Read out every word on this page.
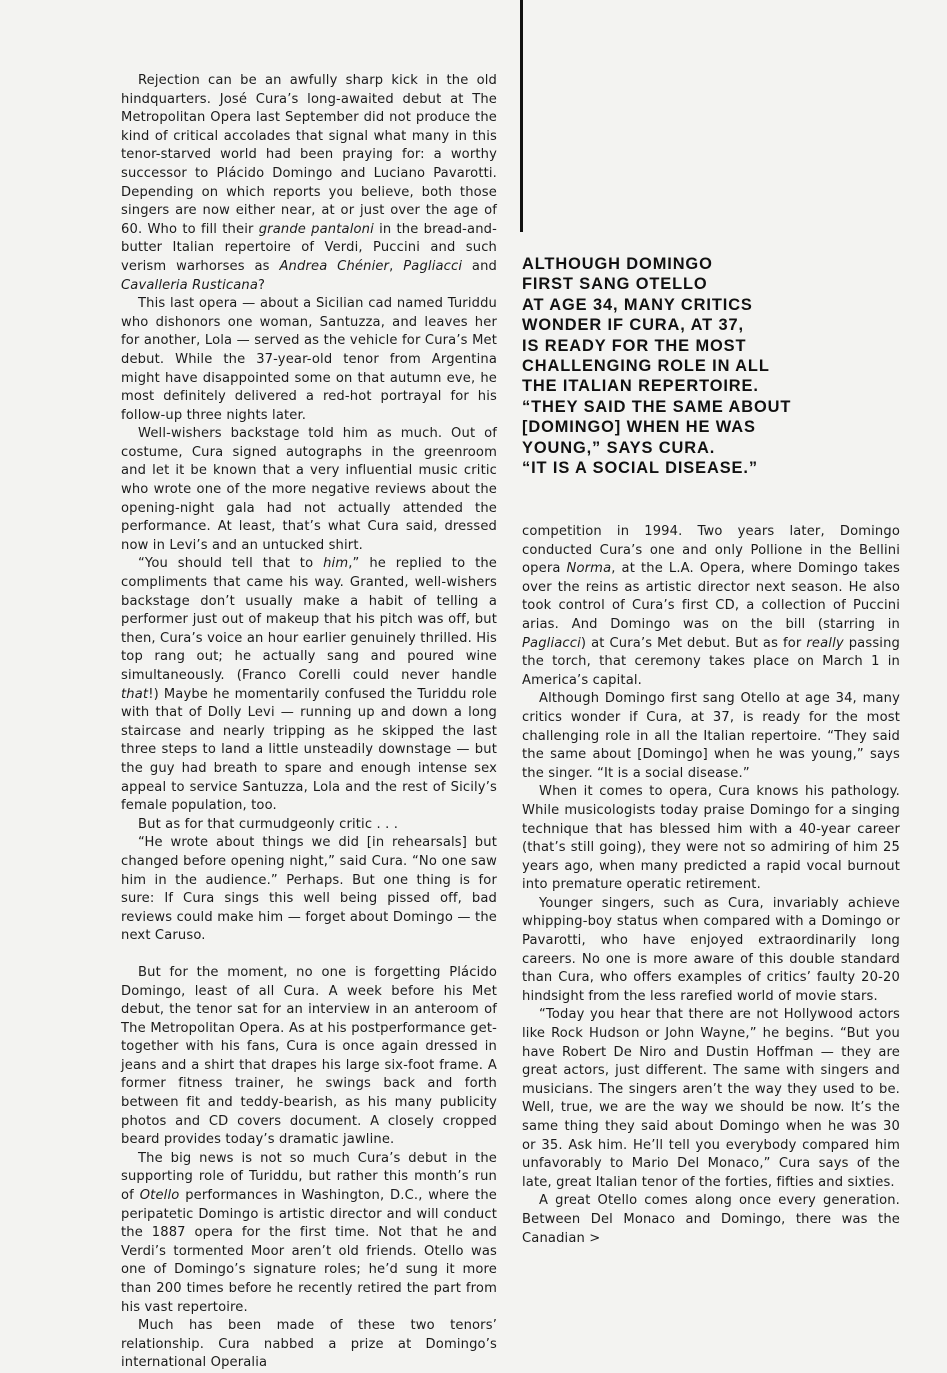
Rejection can be an awfully sharp kick in the old hindquarters. José Cura’s long-awaited debut at The Metropolitan Opera last September did not produce the kind of critical accolades that signal what many in this tenor-starved world had been praying for: a worthy successor to Plácido Domingo and Luciano Pavarotti. Depending on which reports you believe, both those singers are now either near, at or just over the age of 60. Who to fill their grande pantaloni in the bread-and-butter Italian repertoire of Verdi, Puccini and such verism warhorses as Andrea Chénier, Pagliacci and Cavalleria Rusticana?

This last opera — about a Sicilian cad named Turiddu who dishonors one woman, Santuzza, and leaves her for another, Lola — served as the vehicle for Cura’s Met debut. While the 37-year-old tenor from Argentina might have disappointed some on that autumn eve, he most definitely delivered a red-hot portrayal for his follow-up three nights later.

Well-wishers backstage told him as much. Out of costume, Cura signed autographs in the greenroom and let it be known that a very influential music critic who wrote one of the more negative reviews about the opening-night gala had not actually attended the performance. At least, that’s what Cura said, dressed now in Levi’s and an untucked shirt.

“You should tell that to him,” he replied to the compliments that came his way. Granted, well-wishers backstage don’t usually make a habit of telling a performer just out of makeup that his pitch was off, but then, Cura’s voice an hour earlier genuinely thrilled. His top rang out; he actually sang and poured wine simultaneously. (Franco Corelli could never handle that!) Maybe he momentarily confused the Turiddu role with that of Dolly Levi — running up and down a long staircase and nearly tripping as he skipped the last three steps to land a little unsteadily downstage — but the guy had breath to spare and enough intense sex appeal to service Santuzza, Lola and the rest of Sicily’s female population, too.

But as for that curmudgeonly critic . . .

“He wrote about things we did [in rehearsals] but changed before opening night,” said Cura. “No one saw him in the audience.” Perhaps. But one thing is for sure: If Cura sings this well being pissed off, bad reviews could make him — forget about Domingo — the next Caruso.

But for the moment, no one is forgetting Plácido Domingo, least of all Cura. A week before his Met debut, the tenor sat for an interview in an anteroom of The Metropolitan Opera. As at his postperformance get-together with his fans, Cura is once again dressed in jeans and a shirt that drapes his large six-foot frame. A former fitness trainer, he swings back and forth between fit and teddy-bearish, as his many publicity photos and CD covers document. A closely cropped beard provides today’s dramatic jawline.

The big news is not so much Cura’s debut in the supporting role of Turiddu, but rather this month’s run of Otello performances in Washington, D.C., where the peripatetic Domingo is artistic director and will conduct the 1887 opera for the first time. Not that he and Verdi’s tormented Moor aren’t old friends. Otello was one of Domingo’s signature roles; he’d sung it more than 200 times before he recently retired the part from his vast repertoire.

Much has been made of these two tenors’ relationship. Cura nabbed a prize at Domingo’s international Operalia

ALTHOUGH DOMINGO
FIRST SANG OTELLO
AT AGE 34, MANY CRITICS
WONDER IF CURA, AT 37,
IS READY FOR THE MOST
CHALLENGING ROLE IN ALL
THE ITALIAN REPERTOIRE.
“THEY SAID THE SAME ABOUT
[DOMINGO] WHEN HE WAS
YOUNG,” SAYS CURA.
“IT IS A SOCIAL DISEASE.”

competition in 1994. Two years later, Domingo conducted Cura’s one and only Pollione in the Bellini opera Norma, at the L.A. Opera, where Domingo takes over the reins as artistic director next season. He also took control of Cura’s first CD, a collection of Puccini arias. And Domingo was on the bill (starring in Pagliacci) at Cura’s Met debut. But as for really passing the torch, that ceremony takes place on March 1 in America’s capital.

Although Domingo first sang Otello at age 34, many critics wonder if Cura, at 37, is ready for the most challenging role in all the Italian repertoire. “They said the same about [Domingo] when he was young,” says the singer. “It is a social disease.”

When it comes to opera, Cura knows his pathology. While musicologists today praise Domingo for a singing technique that has blessed him with a 40-year career (that’s still going), they were not so admiring of him 25 years ago, when many predicted a rapid vocal burnout into premature operatic retirement.

Younger singers, such as Cura, invariably achieve whipping-boy status when compared with a Domingo or Pavarotti, who have enjoyed extraordinarily long careers. No one is more aware of this double standard than Cura, who offers examples of critics’ faulty 20-20 hindsight from the less rarefied world of movie stars.

“Today you hear that there are not Hollywood actors like Rock Hudson or John Wayne,” he begins. “But you have Robert De Niro and Dustin Hoffman — they are great actors, just different. The same with singers and musicians. The singers aren’t the way they used to be. Well, true, we are the way we should be now. It’s the same thing they said about Domingo when he was 30 or 35. Ask him. He’ll tell you everybody compared him unfavorably to Mario Del Monaco,” Cura says of the late, great Italian tenor of the forties, fifties and sixties.

A great Otello comes along once every generation. Between Del Monaco and Domingo, there was the Canadian >
